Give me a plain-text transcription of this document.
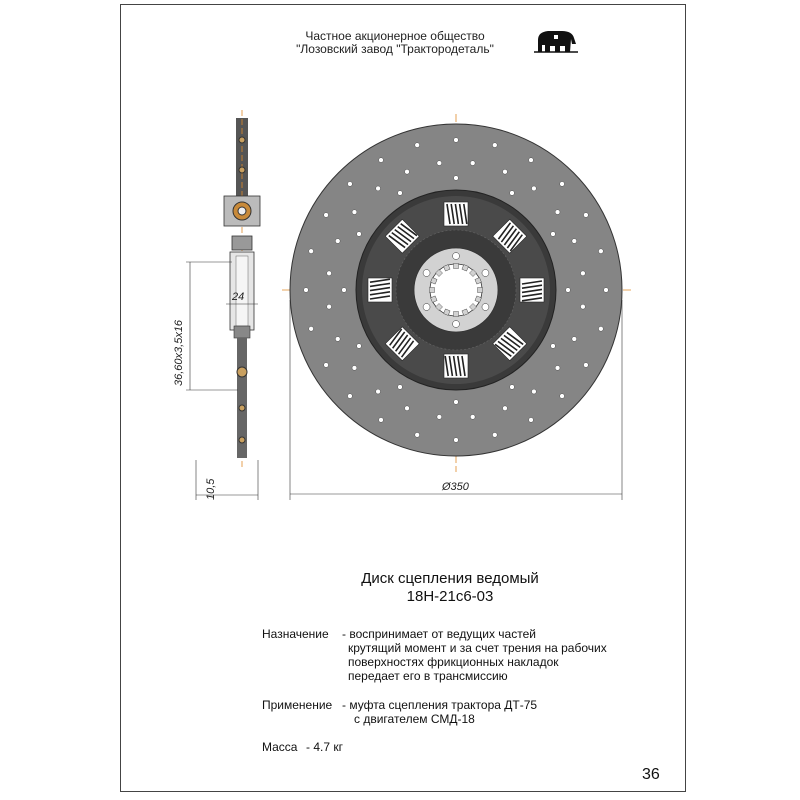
Частное акционерное общество
"Лозовский завод "Трактородеталь"
24
36,60x3,5x16
10,5	Ø350
Диск сцепления ведомый
18Н-21с6-03
Назначение - воспринимает от ведущих частей
крутящий момент и за счет трения на рабочих
поверхностях фрикционных накладок
передает его в трансмиссию
Применение - муфта сцепления трактора ДТ-75
с двигателем СМД-18
Масса - 4.7 кг
36
